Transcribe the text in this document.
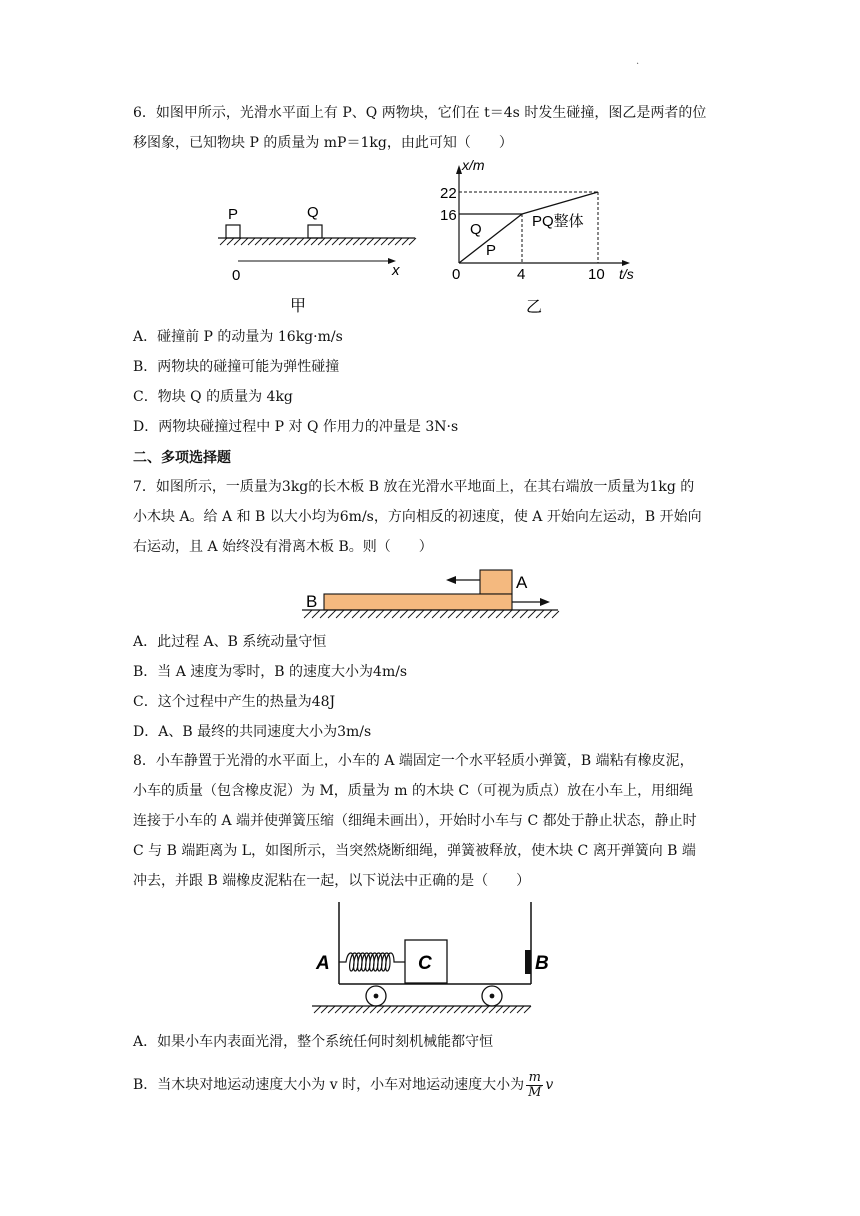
.
6．如图甲所示，光滑水平面上有 P、Q 两物块，它们在 t＝4s 时发生碰撞，图乙是两者的位
移图象，已知物块 P 的质量为 mP＝1kg，由此可知（　　）
P	Q
0	x
甲
x/m
22
16
0	4	10 t/s
Q
P
PQ整体
乙
A．碰撞前 P 的动量为 16kg·m/s
B．两物块的碰撞可能为弹性碰撞
C．物块 Q 的质量为 4kg
D．两物块碰撞过程中 P 对 Q 作用力的冲量是 3N·s
二、多项选择题
7．如图所示，一质量为3kg的长木板 B 放在光滑水平地面上，在其右端放一质量为1kg 的
小木块 A。给 A 和 B 以大小均为6m/s，方向相反的初速度，使 A 开始向左运动，B 开始向
右运动，且 A 始终没有滑离木板 B。则（　　）
A
B
A．此过程 A、B 系统动量守恒
B．当 A 速度为零时，B 的速度大小为4m/s
C．这个过程中产生的热量为48J
D．A、B 最终的共同速度大小为3m/s
8．小车静置于光滑的水平面上，小车的 A 端固定一个水平轻质小弹簧，B 端粘有橡皮泥，
小车的质量（包含橡皮泥）为 M，质量为 m 的木块 C（可视为质点）放在小车上，用细绳
连接于小车的 A 端并使弹簧压缩（细绳未画出），开始时小车与 C 都处于静止状态，静止时
C 与 B 端距离为 L，如图所示，当突然烧断细绳，弹簧被释放，使木块 C 离开弹簧向 B 端
冲去，并跟 B 端橡皮泥粘在一起，以下说法中正确的是（　　）
C
A	B
A．如果小车内表面光滑，整个系统任何时刻机械能都守恒
B．当木块对地运动速度大小为 v 时，小车对地运动速度大小为 $\frac{m}{M}$ v
